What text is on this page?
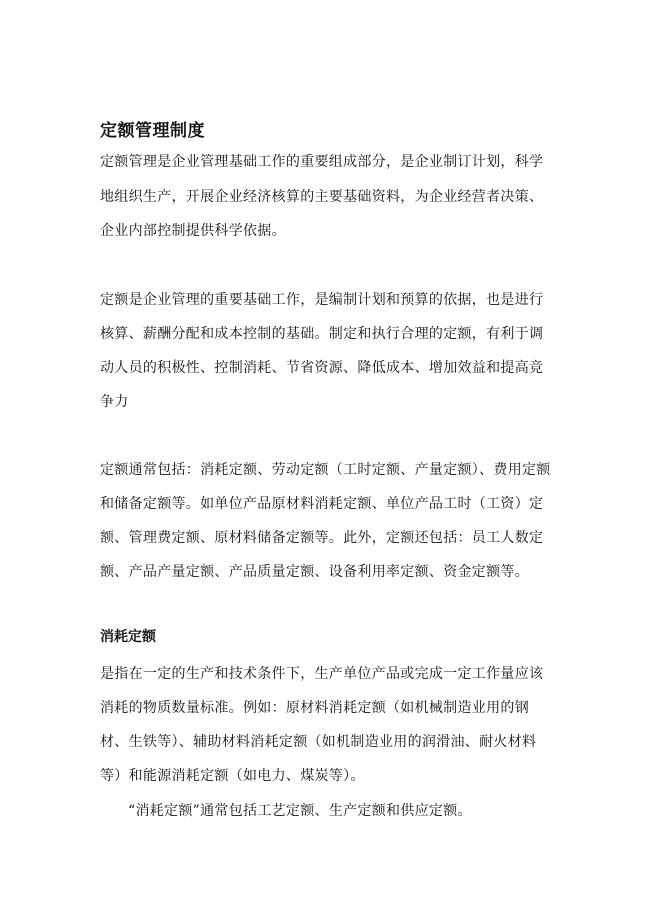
定额管理制度
定额管理是企业管理基础工作的重要组成部分，是企业制订计划，科学
地组织生产，开展企业经济核算的主要基础资料，为企业经营者决策、
企业内部控制提供科学依据。
定额是企业管理的重要基础工作，是编制计划和预算的依据，也是进行
核算、薪酬分配和成本控制的基础。制定和执行合理的定额，有利于调
动人员的积极性、控制消耗、节省资源、降低成本、增加效益和提高竞
争力
定额通常包括：消耗定额、劳动定额（工时定额、产量定额）、费用定额
和储备定额等。如单位产品原材料消耗定额、单位产品工时（工资）定
额、管理费定额、原材料储备定额等。此外，定额还包括：员工人数定
额、产品产量定额、产品质量定额、设备利用率定额、资金定额等。
消耗定额
是指在一定的生产和技术条件下，生产单位产品或完成一定工作量应该
消耗的物质数量标准。例如：原材料消耗定额（如机械制造业用的钢
材、生铁等）、辅助材料消耗定额（如机制造业用的润滑油、耐火材料
等）和能源消耗定额（如电力、煤炭等）。
“消耗定额”通常包括工艺定额、生产定额和供应定额。
